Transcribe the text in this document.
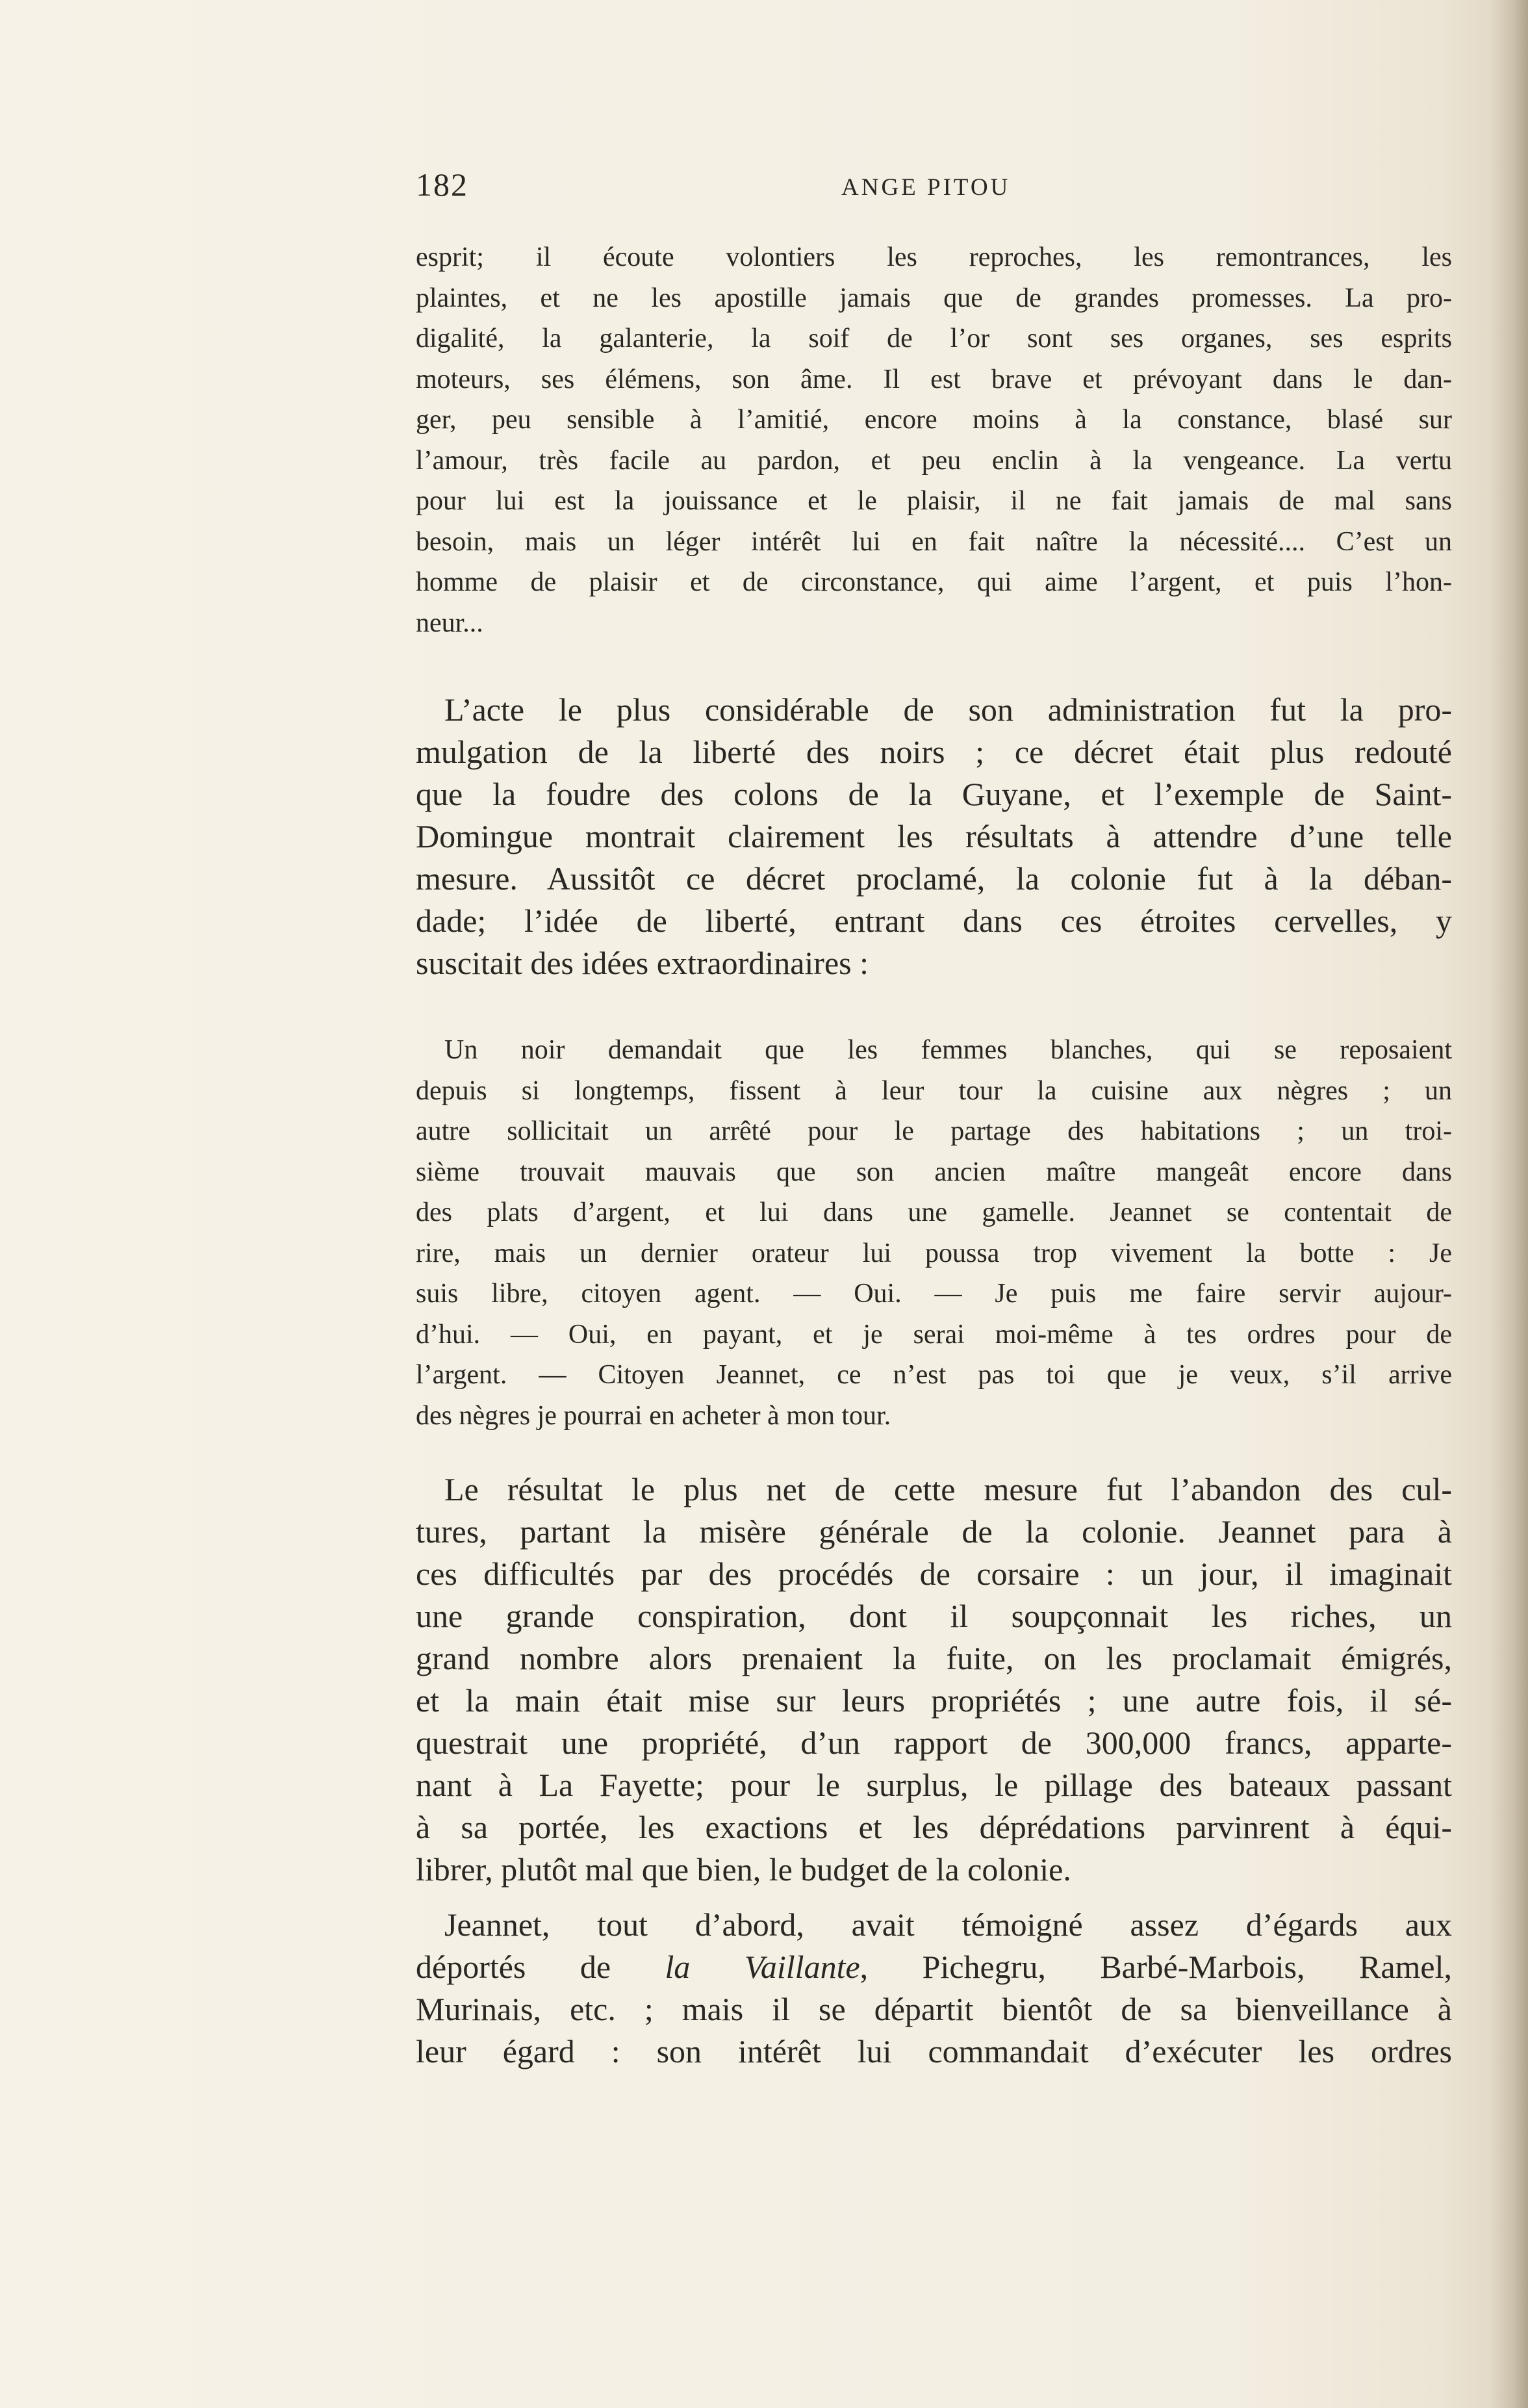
182	ANGE PITOU

esprit; il écoute volontiers les reproches, les remontrances, les

plaintes, et ne les apostille jamais que de grandes promesses. La pro-

digalité, la galanterie, la soif de l’or sont ses organes, ses esprits

moteurs, ses élémens, son âme. Il est brave et prévoyant dans le dan-

ger, peu sensible à l’amitié, encore moins à la constance, blasé sur

l’amour, très facile au pardon, et peu enclin à la vengeance. La vertu

pour lui est la jouissance et le plaisir, il ne fait jamais de mal sans

besoin, mais un léger intérêt lui en fait naître la nécessité.... C’est un

homme de plaisir et de circonstance, qui aime l’argent, et puis l’hon-

neur...

L’acte le plus considérable de son administration fut la pro-

mulgation de la liberté des noirs ; ce décret était plus redouté

que la foudre des colons de la Guyane, et l’exemple de Saint-

Domingue montrait clairement les résultats à attendre d’une telle

mesure. Aussitôt ce décret proclamé, la colonie fut à la déban-

dade; l’idée de liberté, entrant dans ces étroites cervelles, y

suscitait des idées extraordinaires :

Un noir demandait que les femmes blanches, qui se reposaient

depuis si longtemps, fissent à leur tour la cuisine aux nègres ; un

autre sollicitait un arrêté pour le partage des habitations ; un troi-

sième trouvait mauvais que son ancien maître mangeât encore dans

des plats d’argent, et lui dans une gamelle. Jeannet se contentait de

rire, mais un dernier orateur lui poussa trop vivement la botte : Je

suis libre, citoyen agent. — Oui. — Je puis me faire servir aujour-

d’hui. — Oui, en payant, et je serai moi-même à tes ordres pour de

l’argent. — Citoyen Jeannet, ce n’est pas toi que je veux, s’il arrive

des nègres je pourrai en acheter à mon tour.

Le résultat le plus net de cette mesure fut l’abandon des cul-

tures, partant la misère générale de la colonie. Jeannet para à

ces difficultés par des procédés de corsaire : un jour, il imaginait

une grande conspiration, dont il soupçonnait les riches, un

grand nombre alors prenaient la fuite, on les proclamait émigrés,

et la main était mise sur leurs propriétés ; une autre fois, il sé-

questrait une propriété, d’un rapport de 300,000 francs, apparte-

nant à La Fayette; pour le surplus, le pillage des bateaux passant

à sa portée, les exactions et les déprédations parvinrent à équi-

librer, plutôt mal que bien, le budget de la colonie.

Jeannet, tout d’abord, avait témoigné assez d’égards aux

déportés de la Vaillante, Pichegru, Barbé-Marbois, Ramel,

Murinais, etc. ; mais il se départit bientôt de sa bienveillance à

leur égard : son intérêt lui commandait d’exécuter les ordres
